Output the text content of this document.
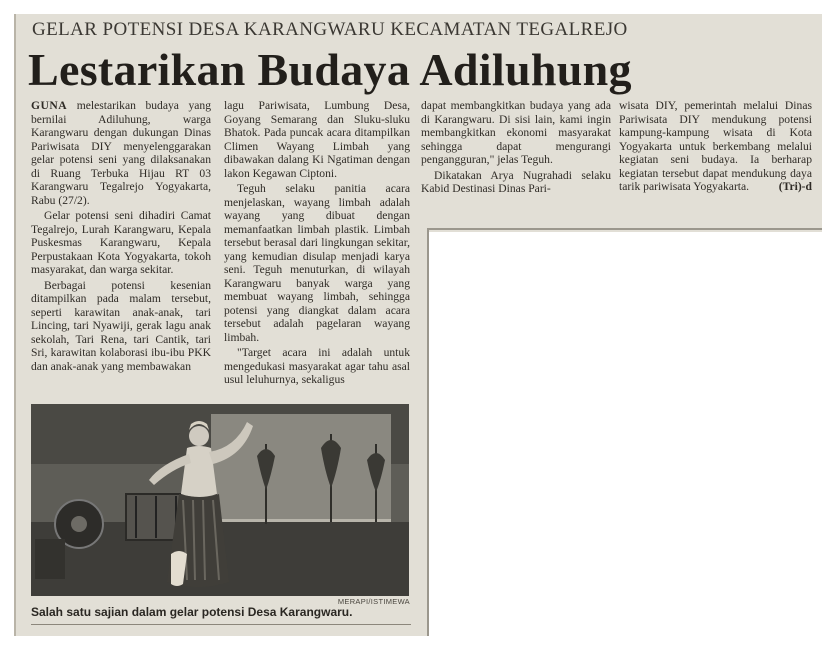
GELAR POTENSI DESA KARANGWARU KECAMATAN TEGALREJO
Lestarikan Budaya Adiluhung

GUNA melestarikan budaya yang bernilai Adiluhung, warga Karangwaru dengan dukungan Dinas Pariwisata DIY menyelenggarakan gelar potensi seni yang dilaksanakan di Ruang Terbuka Hijau RT 03 Karangwaru Tegalrejo Yogyakarta, Rabu (27/2).

Gelar potensi seni dihadiri Camat Tegalrejo, Lurah Karangwaru, Kepala Puskesmas Karangwaru, Kepala Perpustakaan Kota Yogyakarta, tokoh masyarakat, dan warga sekitar.

Berbagai potensi kesenian ditampilkan pada malam tersebut, seperti karawitan anak-anak, tari Lincing, tari Nyawiji, gerak lagu anak sekolah, Tari Rena, tari Cantik, tari Sri, karawitan kolaborasi ibu-ibu PKK dan anak-anak yang membawakan

lagu Pariwisata, Lumbung Desa, Goyang Semarang dan Sluku-sluku Bhatok. Pada puncak acara ditampilkan Climen Wayang Limbah yang dibawakan dalang Ki Ngatiman dengan lakon Kegawan Ciptoni.

Teguh selaku panitia acara menjelaskan, wayang limbah adalah wayang yang dibuat dengan memanfaatkan limbah plastik. Limbah tersebut berasal dari lingkungan sekitar, yang kemudian disulap menjadi karya seni. Teguh menuturkan, di wilayah Karangwaru banyak warga yang membuat wayang limbah, sehingga potensi yang diangkat dalam acara tersebut adalah pagelaran wayang limbah.

"Target acara ini adalah untuk mengedukasi masyarakat agar tahu asal usul leluhurnya, sekaligus

dapat membangkitkan budaya yang ada di Karangwaru. Di sisi lain, kami ingin membangkitkan ekonomi masyarakat sehingga dapat mengurangi pengangguran," jelas Teguh.

Dikatakan Arya Nugrahadi selaku Kabid Destinasi Dinas Pari-

wisata DIY, pemerintah melalui Dinas Pariwisata DIY mendukung potensi kampung-kampung wisata di Kota Yogyakarta untuk berkembang melalui kegiatan seni budaya. Ia berharap kegiatan tersebut dapat mendukung daya tarik pariwisata Yogyakarta.	(Tri)-d

MERAPI/ISTIMEWA
Salah satu sajian dalam gelar potensi Desa Karangwaru.
